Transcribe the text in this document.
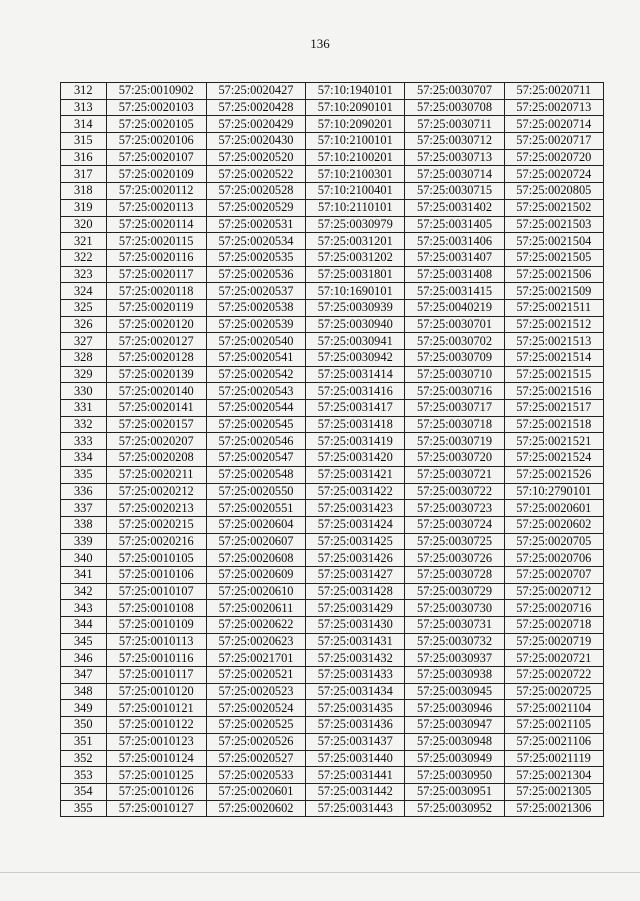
136
312	57:25:0010902	57:25:0020427	57:10:1940101	57:25:0030707	57:25:0020711
313	57:25:0020103	57:25:0020428	57:10:2090101	57:25:0030708	57:25:0020713
314	57:25:0020105	57:25:0020429	57:10:2090201	57:25:0030711	57:25:0020714
315	57:25:0020106	57:25:0020430	57:10:2100101	57:25:0030712	57:25:0020717
316	57:25:0020107	57:25:0020520	57:10:2100201	57:25:0030713	57:25:0020720
317	57:25:0020109	57:25:0020522	57:10:2100301	57:25:0030714	57:25:0020724
318	57:25:0020112	57:25:0020528	57:10:2100401	57:25:0030715	57:25:0020805
319	57:25:0020113	57:25:0020529	57:10:2110101	57:25:0031402	57:25:0021502
320	57:25:0020114	57:25:0020531	57:25:0030979	57:25:0031405	57:25:0021503
321	57:25:0020115	57:25:0020534	57:25:0031201	57:25:0031406	57:25:0021504
322	57:25:0020116	57:25:0020535	57:25:0031202	57:25:0031407	57:25:0021505
323	57:25:0020117	57:25:0020536	57:25:0031801	57:25:0031408	57:25:0021506
324	57:25:0020118	57:25:0020537	57:10:1690101	57:25:0031415	57:25:0021509
325	57:25:0020119	57:25:0020538	57:25:0030939	57:25:0040219	57:25:0021511
326	57:25:0020120	57:25:0020539	57:25:0030940	57:25:0030701	57:25:0021512
327	57:25:0020127	57:25:0020540	57:25:0030941	57:25:0030702	57:25:0021513
328	57:25:0020128	57:25:0020541	57:25:0030942	57:25:0030709	57:25:0021514
329	57:25:0020139	57:25:0020542	57:25:0031414	57:25:0030710	57:25:0021515
330	57:25:0020140	57:25:0020543	57:25:0031416	57:25:0030716	57:25:0021516
331	57:25:0020141	57:25:0020544	57:25:0031417	57:25:0030717	57:25:0021517
332	57:25:0020157	57:25:0020545	57:25:0031418	57:25:0030718	57:25:0021518
333	57:25:0020207	57:25:0020546	57:25:0031419	57:25:0030719	57:25:0021521
334	57:25:0020208	57:25:0020547	57:25:0031420	57:25:0030720	57:25:0021524
335	57:25:0020211	57:25:0020548	57:25:0031421	57:25:0030721	57:25:0021526
336	57:25:0020212	57:25:0020550	57:25:0031422	57:25:0030722	57:10:2790101
337	57:25:0020213	57:25:0020551	57:25:0031423	57:25:0030723	57:25:0020601
338	57:25:0020215	57:25:0020604	57:25:0031424	57:25:0030724	57:25:0020602
339	57:25:0020216	57:25:0020607	57:25:0031425	57:25:0030725	57:25:0020705
340	57:25:0010105	57:25:0020608	57:25:0031426	57:25:0030726	57:25:0020706
341	57:25:0010106	57:25:0020609	57:25:0031427	57:25:0030728	57:25:0020707
342	57:25:0010107	57:25:0020610	57:25:0031428	57:25:0030729	57:25:0020712
343	57:25:0010108	57:25:0020611	57:25:0031429	57:25:0030730	57:25:0020716
344	57:25:0010109	57:25:0020622	57:25:0031430	57:25:0030731	57:25:0020718
345	57:25:0010113	57:25:0020623	57:25:0031431	57:25:0030732	57:25:0020719
346	57:25:0010116	57:25:0021701	57:25:0031432	57:25:0030937	57:25:0020721
347	57:25:0010117	57:25:0020521	57:25:0031433	57:25:0030938	57:25:0020722
348	57:25:0010120	57:25:0020523	57:25:0031434	57:25:0030945	57:25:0020725
349	57:25:0010121	57:25:0020524	57:25:0031435	57:25:0030946	57:25:0021104
350	57:25:0010122	57:25:0020525	57:25:0031436	57:25:0030947	57:25:0021105
351	57:25:0010123	57:25:0020526	57:25:0031437	57:25:0030948	57:25:0021106
352	57:25:0010124	57:25:0020527	57:25:0031440	57:25:0030949	57:25:0021119
353	57:25:0010125	57:25:0020533	57:25:0031441	57:25:0030950	57:25:0021304
354	57:25:0010126	57:25:0020601	57:25:0031442	57:25:0030951	57:25:0021305
355	57:25:0010127	57:25:0020602	57:25:0031443	57:25:0030952	57:25:0021306
